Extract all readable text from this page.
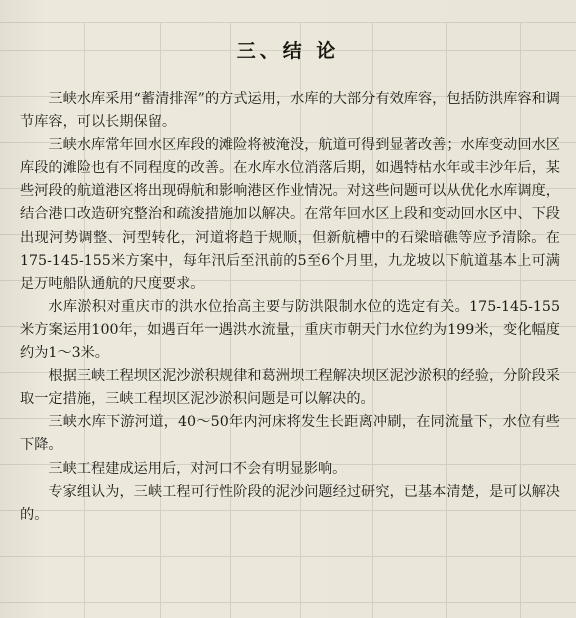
三、结 论

三峡水库采用“蓄清排浑”的方式运用，水库的大部分有效库容，包括防洪库容和调节库容，可以长期保留。

三峡水库常年回水区库段的滩险将被淹没，航道可得到显著改善；水库变动回水区库段的滩险也有不同程度的改善。在水库水位消落后期，如遇特枯水年或丰沙年后，某些河段的航道港区将出现碍航和影响港区作业情况。对这些问题可以从优化水库调度，结合港口改造研究整治和疏浚措施加以解决。在常年回水区上段和变动回水区中、下段出现河势调整、河型转化，河道将趋于规顺，但新航槽中的石梁暗礁等应予清除。在175-145-155米方案中，每年汛后至汛前的5至6个月里，九龙坡以下航道基本上可满足万吨船队通航的尺度要求。

水库淤积对重庆市的洪水位抬高主要与防洪限制水位的选定有关。175-145-155米方案运用100年，如遇百年一遇洪水流量，重庆市朝天门水位约为199米，变化幅度约为1～3米。

根据三峡工程坝区泥沙淤积规律和葛洲坝工程解决坝区泥沙淤积的经验，分阶段采取一定措施，三峡工程坝区泥沙淤积问题是可以解决的。

三峡水库下游河道，40～50年内河床将发生长距离冲刷，在同流量下，水位有些下降。

三峡工程建成运用后，对河口不会有明显影响。

专家组认为，三峡工程可行性阶段的泥沙问题经过研究，已基本清楚，是可以解决的。
